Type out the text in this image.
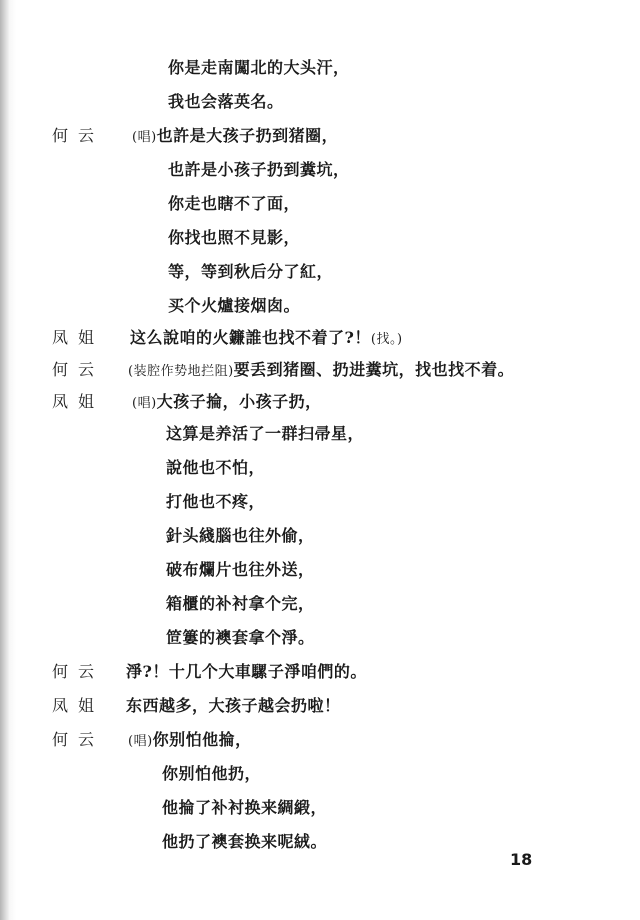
你是走南闖北的大头汗，
我也会落英名。
何云 (唱)也許是大孩子扔到猪圈，
也許是小孩子扔到糞坑，
你走也瞎不了面，
你找也照不見影，
等，等到秋后分了紅，
买个火爐接烟囱。
凤姐 这么說咱的火鐮誰也找不着了?！(找。)
何云 (装腔作势地拦阻)要丢到猪圈、扔进糞坑，找也找不着。
凤姐 (唱)大孩子掄，小孩子扔，
这算是养活了一群扫帚星，
說他也不怕，
打他也不疼，
針头綫腦也往外偷，
破布爛片也往外送，
箱櫃的补衬拿个完，
笸簍的襖套拿个淨。
何云 淨?！十几个大車騾子淨咱們的。
凤姐 东西越多，大孩子越会扔啦！
何云 (唱)你别怕他掄，
你别怕他扔，
他掄了补衬换来綢緞，
他扔了襖套换来呢絨。
18
